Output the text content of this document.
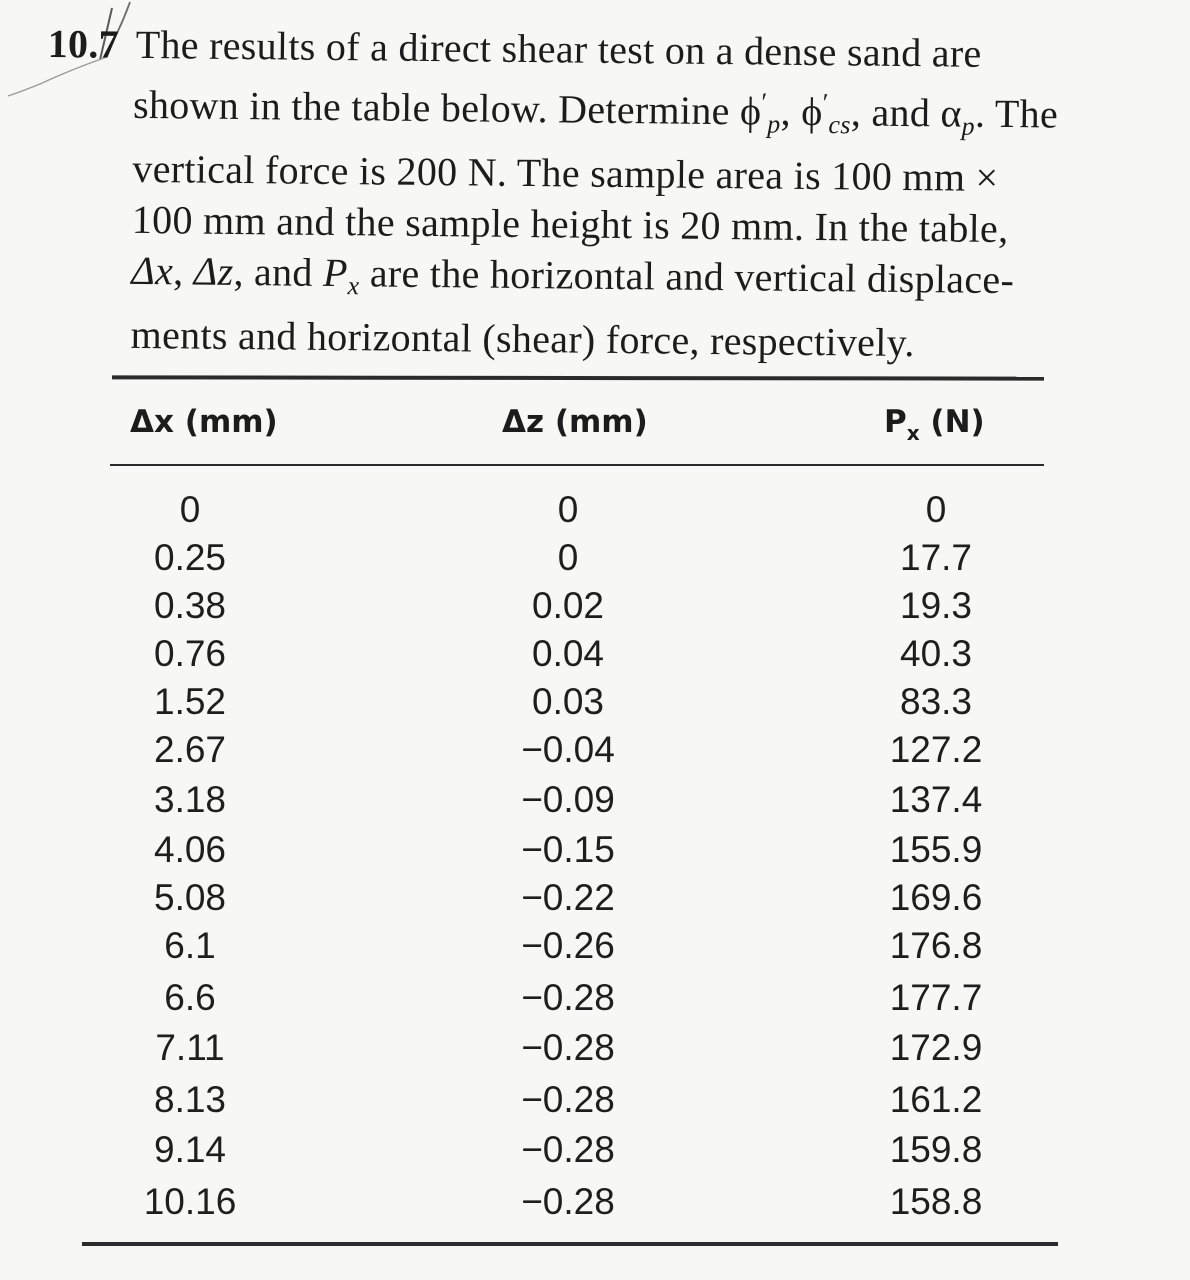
10.7 The results of a direct shear test on a dense sand are
shown in the table below. Determine $\phi'_p$, $\phi'_{cs}$, and $\alpha_p$. The
vertical force is 200 N. The sample area is 100 mm ×
100 mm and the sample height is 20 mm. In the table,
Δx, Δz, and $P_x$ are the horizontal and vertical displace-
ments and horizontal (shear) force, respectively.
Δx (mm)	Δz (mm)	$P_x$ (N)
0	0	0
0.25	0	17.7
0.38	0.02	19.3
0.76	0.04	40.3
1.52	0.03	83.3
2.67	−0.04	127.2
3.18	−0.09	137.4
4.06	−0.15	155.9
5.08	−0.22	169.6
6.1	−0.26	176.8
6.6	−0.28	177.7
7.11	−0.28	172.9
8.13	−0.28	161.2
9.14	−0.28	159.8
10.16	−0.28	158.8
